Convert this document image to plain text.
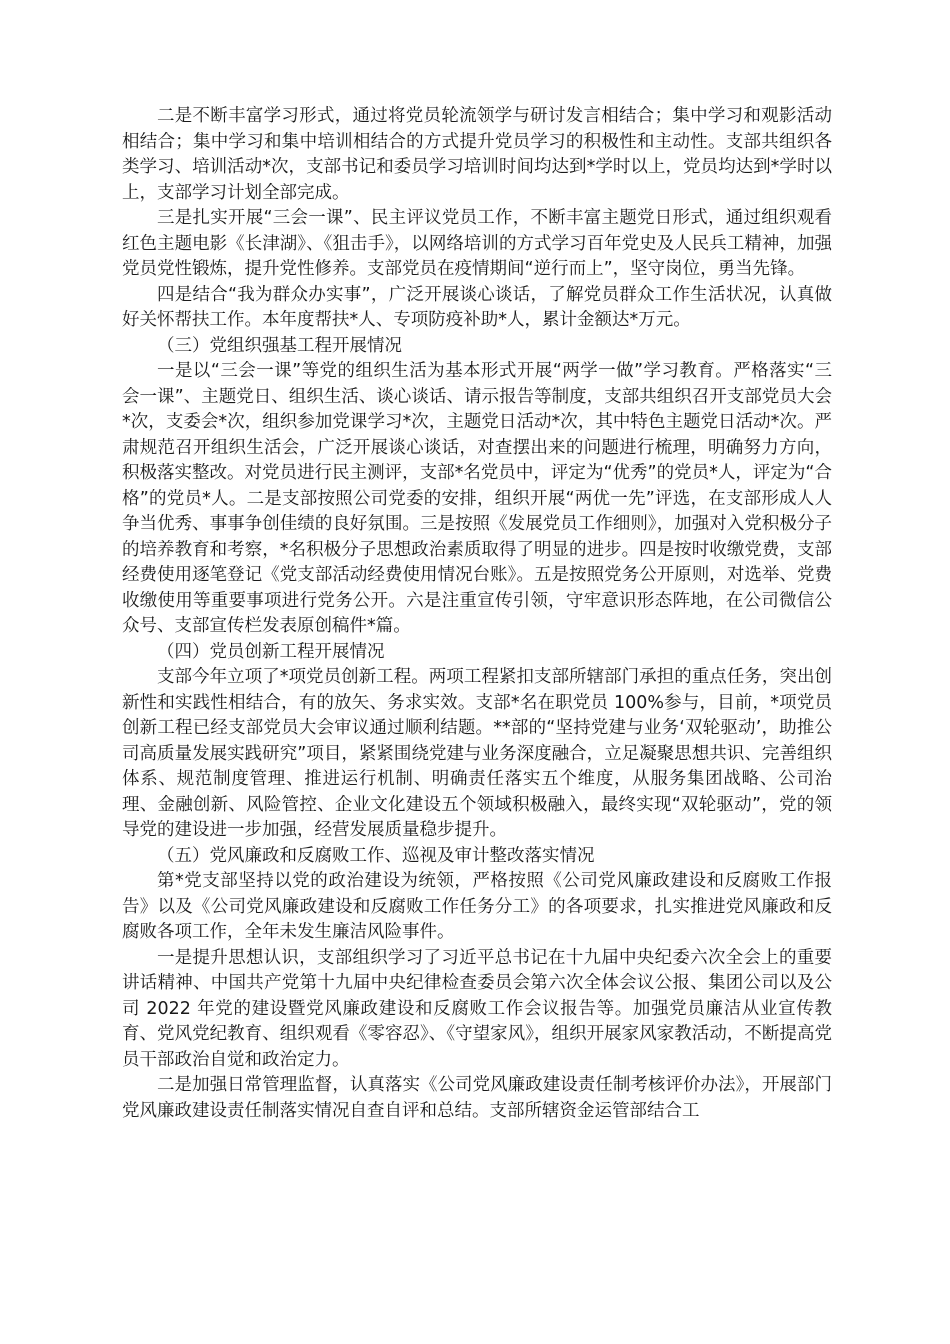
二是不断丰富学习形式，通过将党员轮流领学与研讨发言相结合；集中学习和观影活动相结合；集中学习和集中培训相结合的方式提升党员学习的积极性和主动性。支部共组织各类学习、培训活动*次，支部书记和委员学习培训时间均达到*学时以上，党员均达到*学时以上，支部学习计划全部完成。

三是扎实开展“三会一课”、民主评议党员工作，不断丰富主题党日形式，通过组织观看红色主题电影《长津湖》、《狙击手》，以网络培训的方式学习百年党史及人民兵工精神，加强党员党性锻炼，提升党性修养。支部党员在疫情期间“逆行而上”，坚守岗位，勇当先锋。

四是结合“我为群众办实事”，广泛开展谈心谈话，了解党员群众工作生活状况，认真做好关怀帮扶工作。本年度帮扶*人、专项防疫补助*人，累计金额达*万元。

（三）党组织强基工程开展情况

一是以“三会一课”等党的组织生活为基本形式开展“两学一做”学习教育。严格落实“三会一课”、主题党日、组织生活、谈心谈话、请示报告等制度，支部共组织召开支部党员大会*次，支委会*次，组织参加党课学习*次，主题党日活动*次，其中特色主题党日活动*次。严肃规范召开组织生活会，广泛开展谈心谈话，对查摆出来的问题进行梳理，明确努力方向，积极落实整改。对党员进行民主测评，支部*名党员中，评定为“优秀”的党员*人，评定为“合格”的党员*人。二是支部按照公司党委的安排，组织开展“两优一先”评选，在支部形成人人争当优秀、事事争创佳绩的良好氛围。三是按照《发展党员工作细则》，加强对入党积极分子的培养教育和考察，*名积极分子思想政治素质取得了明显的进步。四是按时收缴党费，支部经费使用逐笔登记《党支部活动经费使用情况台账》。五是按照党务公开原则，对选举、党费收缴使用等重要事项进行党务公开。六是注重宣传引领，守牢意识形态阵地，在公司微信公众号、支部宣传栏发表原创稿件*篇。

（四）党员创新工程开展情况

支部今年立项了*项党员创新工程。两项工程紧扣支部所辖部门承担的重点任务，突出创新性和实践性相结合，有的放矢、务求实效。支部*名在职党员 100%参与，目前，*项党员创新工程已经支部党员大会审议通过顺利结题。**部的“坚持党建与业务‘双轮驱动’，助推公司高质量发展实践研究”项目，紧紧围绕党建与业务深度融合，立足凝聚思想共识、完善组织体系、规范制度管理、推进运行机制、明确责任落实五个维度，从服务集团战略、公司治理、金融创新、风险管控、企业文化建设五个领域积极融入，最终实现“双轮驱动”，党的领导党的建设进一步加强，经营发展质量稳步提升。

（五）党风廉政和反腐败工作、巡视及审计整改落实情况

第*党支部坚持以党的政治建设为统领，严格按照《公司党风廉政建设和反腐败工作报告》以及《公司党风廉政建设和反腐败工作任务分工》的各项要求，扎实推进党风廉政和反腐败各项工作，全年未发生廉洁风险事件。

一是提升思想认识，支部组织学习了习近平总书记在十九届中央纪委六次全会上的重要讲话精神、中国共产党第十九届中央纪律检查委员会第六次全体会议公报、集团公司以及公司 2022 年党的建设暨党风廉政建设和反腐败工作会议报告等。加强党员廉洁从业宣传教育、党风党纪教育、组织观看《零容忍》、《守望家风》，组织开展家风家教活动，不断提高党员干部政治自觉和政治定力。

二是加强日常管理监督，认真落实《公司党风廉政建设责任制考核评价办法》，开展部门党风廉政建设责任制落实情况自查自评和总结。支部所辖资金运管部结合工
